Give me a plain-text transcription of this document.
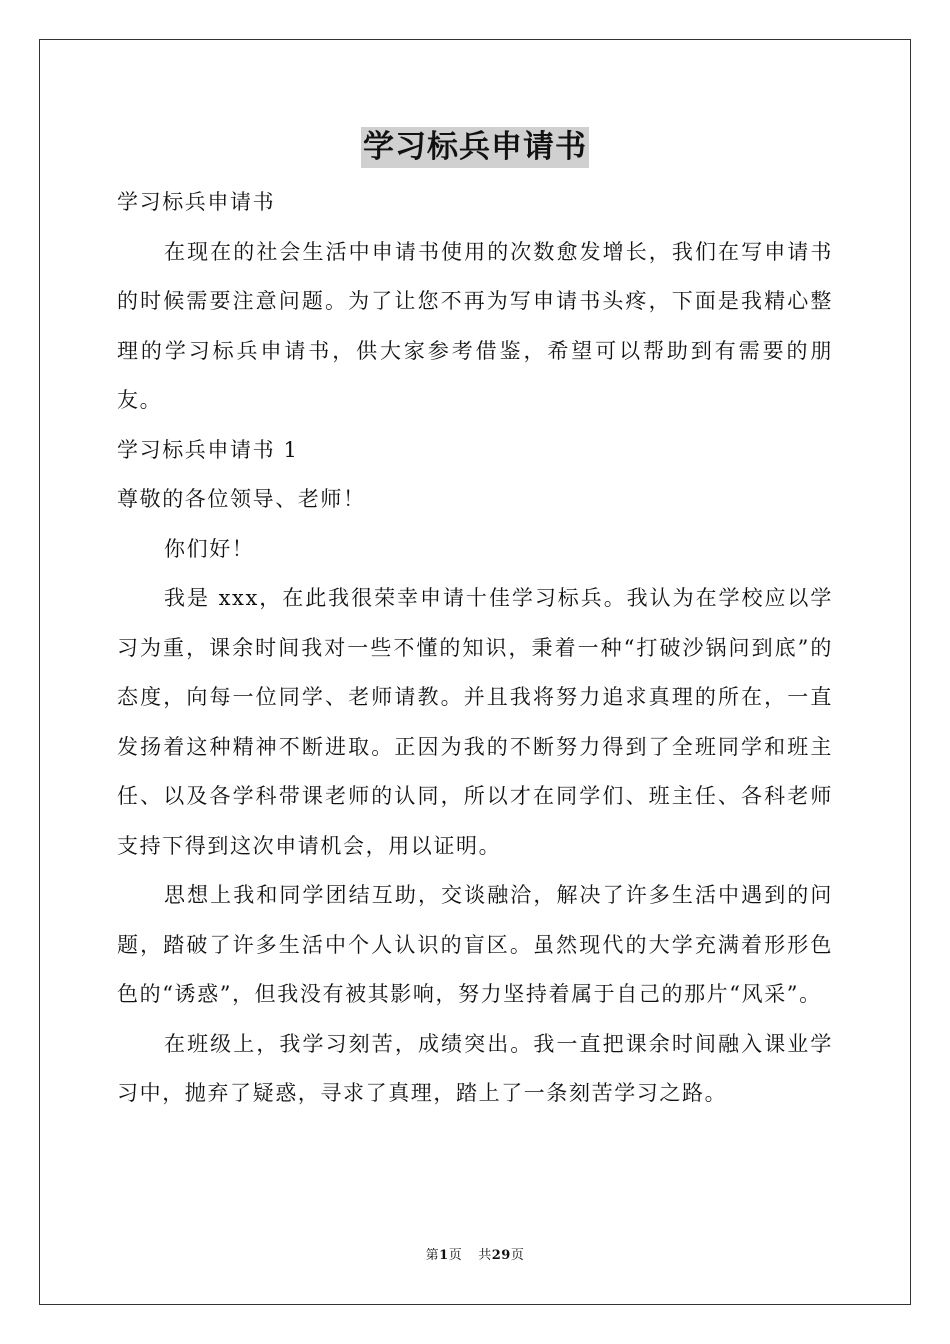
学习标兵申请书

学习标兵申请书

在现在的社会生活中申请书使用的次数愈发增长，我们在写申请书的时候需要注意问题。为了让您不再为写申请书头疼，下面是我精心整理的学习标兵申请书，供大家参考借鉴，希望可以帮助到有需要的朋友。

学习标兵申请书 1

尊敬的各位领导、老师！

你们好！

我是 xxx，在此我很荣幸申请十佳学习标兵。我认为在学校应以学习为重，课余时间我对一些不懂的知识，秉着一种“打破沙锅问到底”的态度，向每一位同学、老师请教。并且我将努力追求真理的所在，一直发扬着这种精神不断进取。正因为我的不断努力得到了全班同学和班主任、以及各学科带课老师的认同，所以才在同学们、班主任、各科老师支持下得到这次申请机会，用以证明。

思想上我和同学团结互助，交谈融洽，解决了许多生活中遇到的问题，踏破了许多生活中个人认识的盲区。虽然现代的大学充满着形形色色的“诱惑”，但我没有被其影响，努力坚持着属于自己的那片“风采”。

在班级上，我学习刻苦，成绩突出。我一直把课余时间融入课业学习中，抛弃了疑惑，寻求了真理，踏上了一条刻苦学习之路。

第1页 共29页
